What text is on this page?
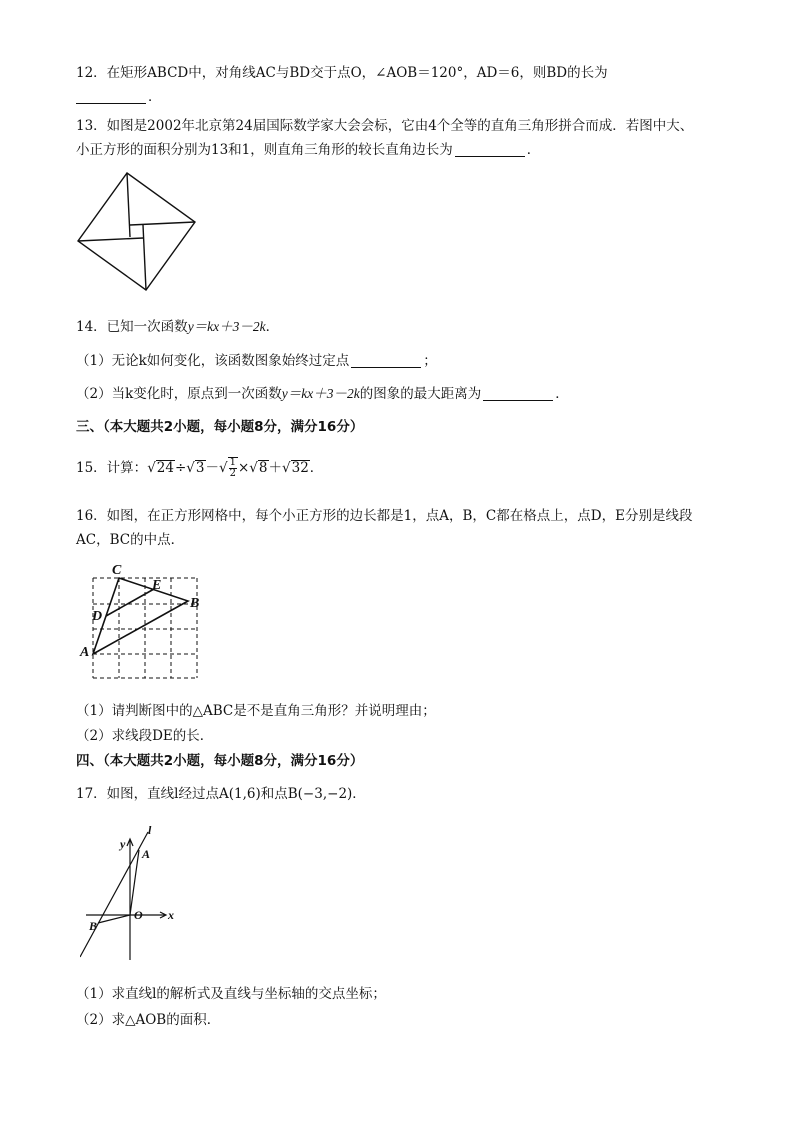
12．在矩形ABCD中，对角线AC与BD交于点O，∠AOB＝120°，AD＝6，则BD的长为
．
13．如图是2002年北京第24届国际数学家大会会标，它由4个全等的直角三角形拼合而成．若图中大、
小正方形的面积分别为13和1，则直角三角形的较长直角边长为	．
14．已知一次函数y＝kx＋3－2k．
（1）无论k如何变化，该函数图象始终过定点	；
（2）当k变化时，原点到一次函数y＝kx＋3－2k的图象的最大距离为	．
三、（本大题共2小题，每小题8分，满分16分）
15．计算：$√24\div√3-√ \frac{1}{2} \times√8+√32$．
16．如图，在正方形网格中，每个小正方形的边长都是1，点A，B，C都在格点上，点D，E分别是线段
AC，BC的中点．
A
B
C
D
E
（1）请判断图中的△ABC是不是直角三角形？并说明理由；
（2）求线段DE的长．
四、（本大题共2小题，每小题8分，满分16分）
17．如图，直线l经过点A(1,6)和点B(−3,−2)．
y
x
l
A
B
O
（1）求直线l的解析式及直线与坐标轴的交点坐标；
（2）求△AOB的面积．
